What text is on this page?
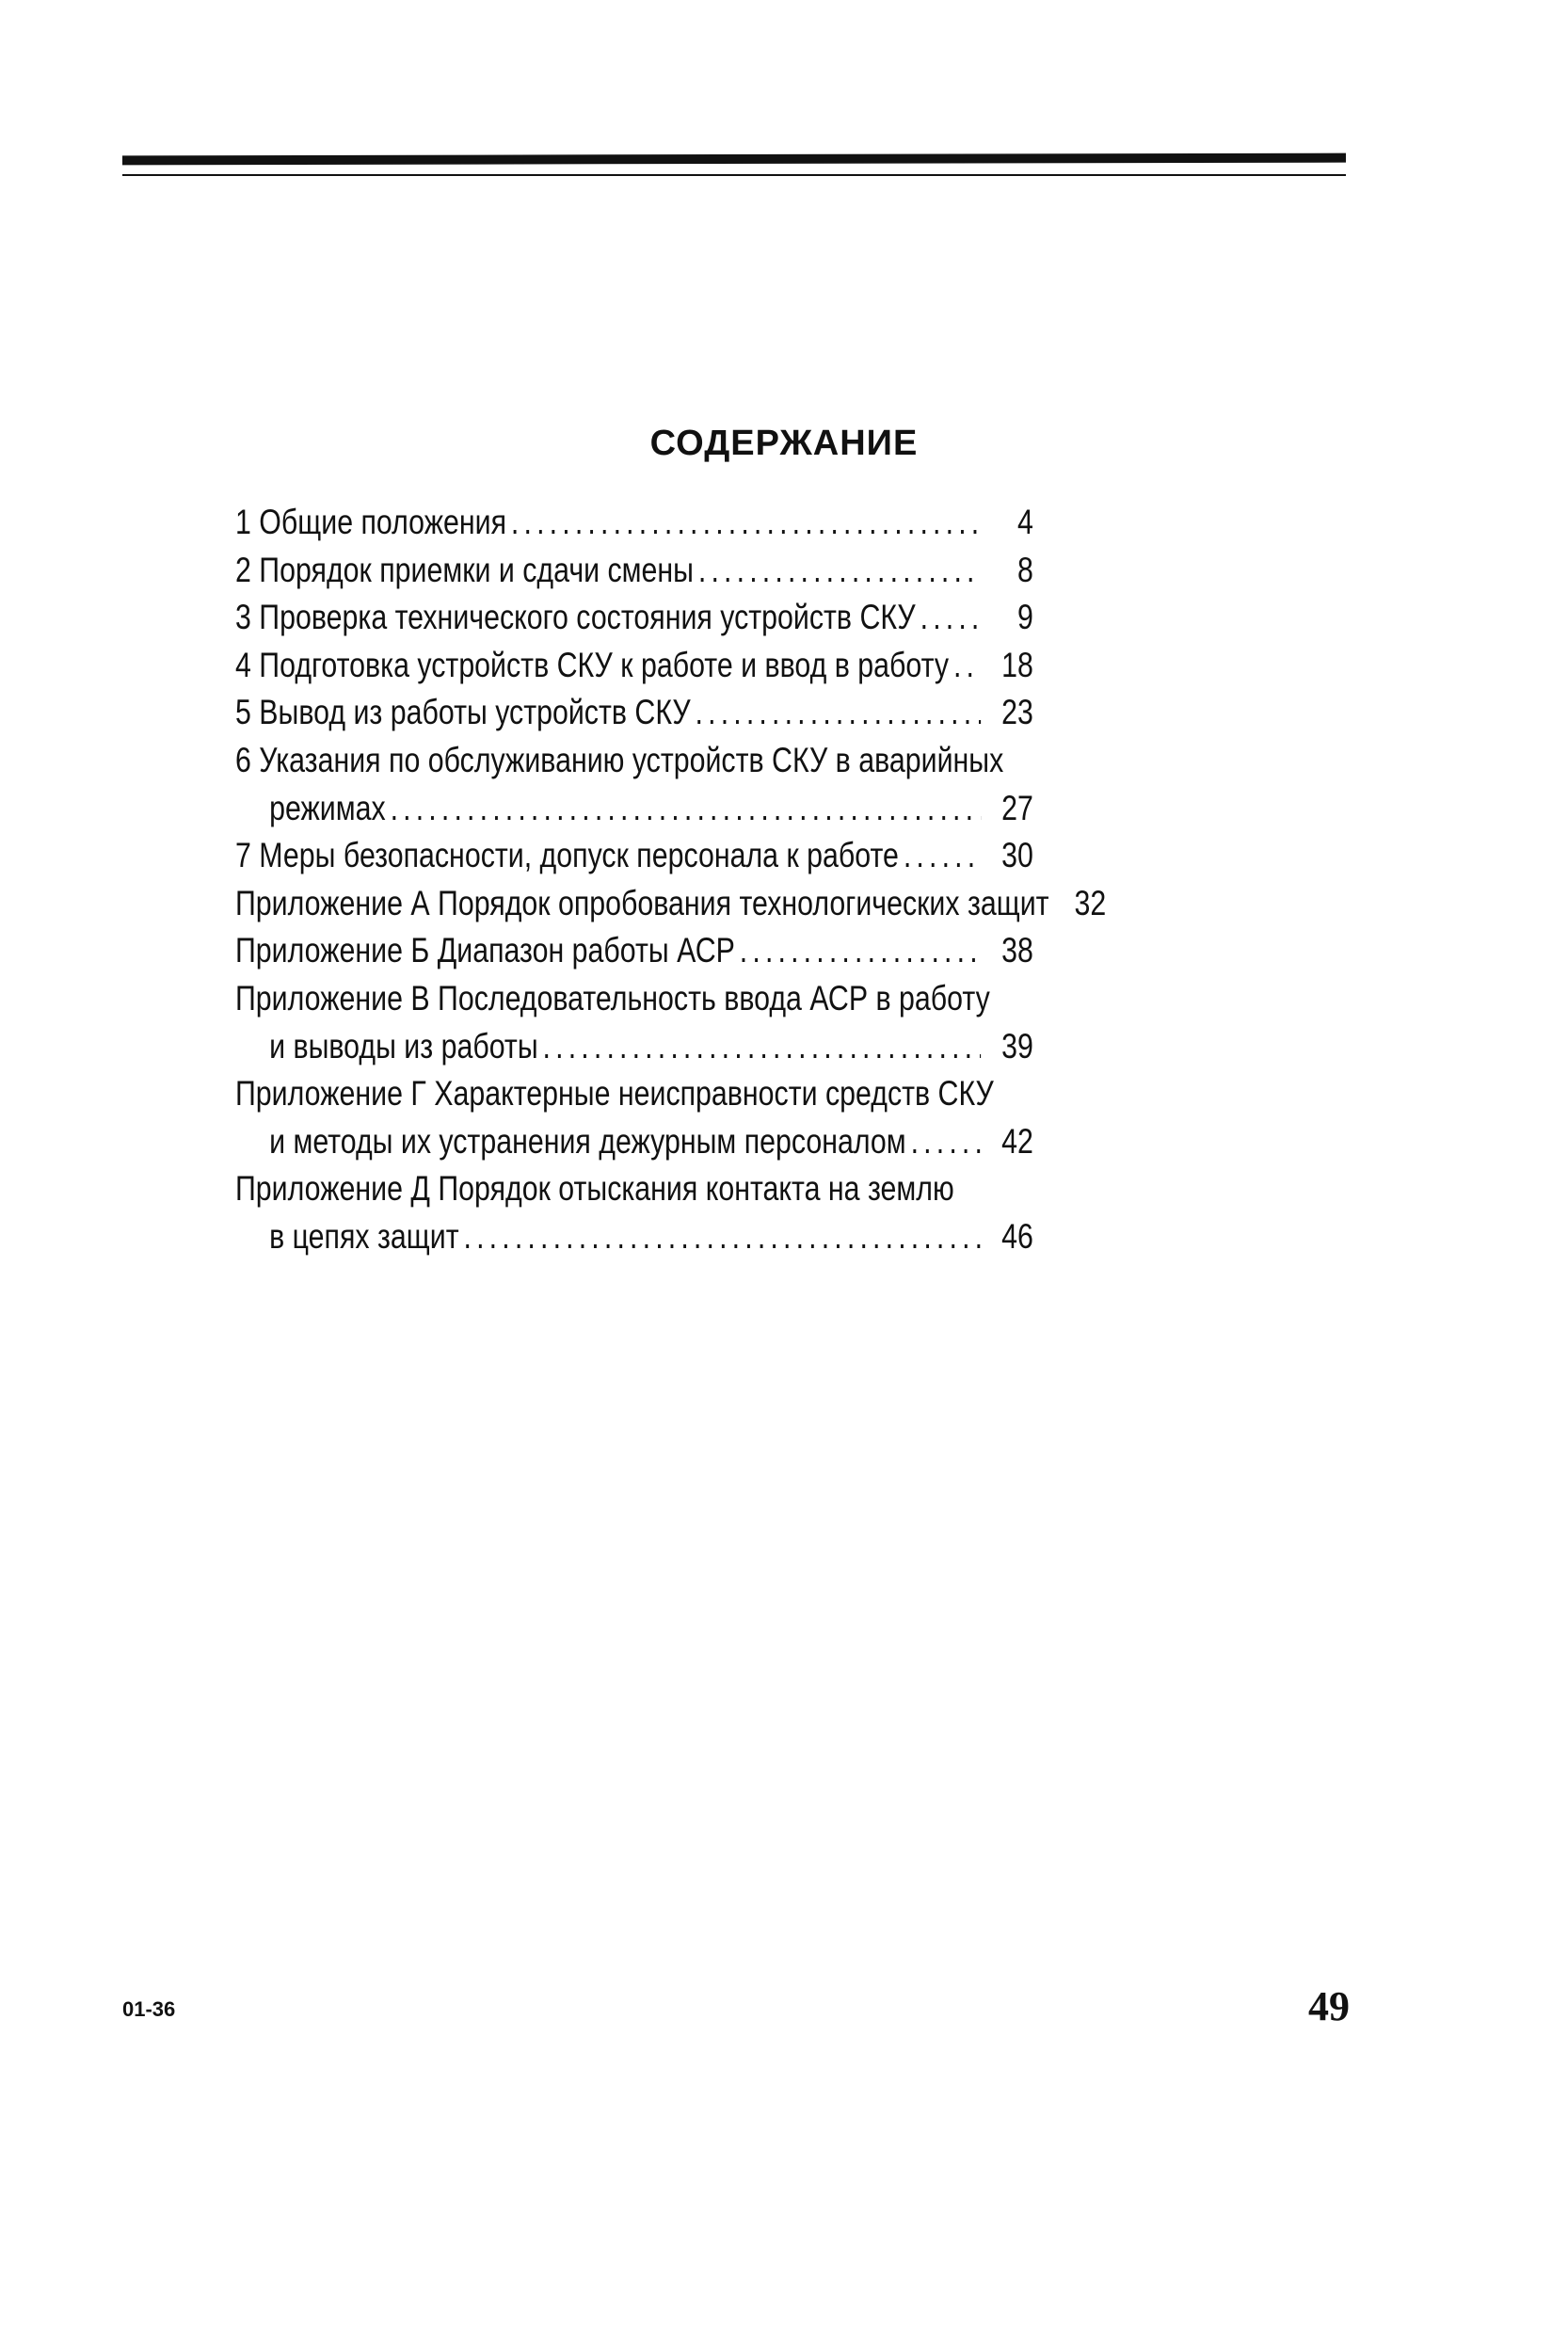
СОДЕРЖАНИЕ
1 Общие положения . . .	4
2 Порядок приемки и сдачи смены . . .	8
3 Проверка технического состояния устройств СКУ . . .	9
4 Подготовка устройств СКУ к работе и ввод в работу . . .	18
5 Вывод из работы устройств СКУ . . .	23
6 Указания по обслуживанию устройств СКУ в аварийных
режимах . . .	27
7 Меры безопасности, допуск персонала к работе . . .	30
Приложение А Порядок опробования технологических защит 32
Приложение Б Диапазон работы АСР . . .	38
Приложение В Последовательность ввода АСР в работу
и выводы из работы . . .	39
Приложение Г Характерные неисправности средств СКУ
и методы их устранения дежурным персоналом . . .	42
Приложение Д Порядок отыскания контакта на землю
в цепях защит . . .	46
01-36	49
